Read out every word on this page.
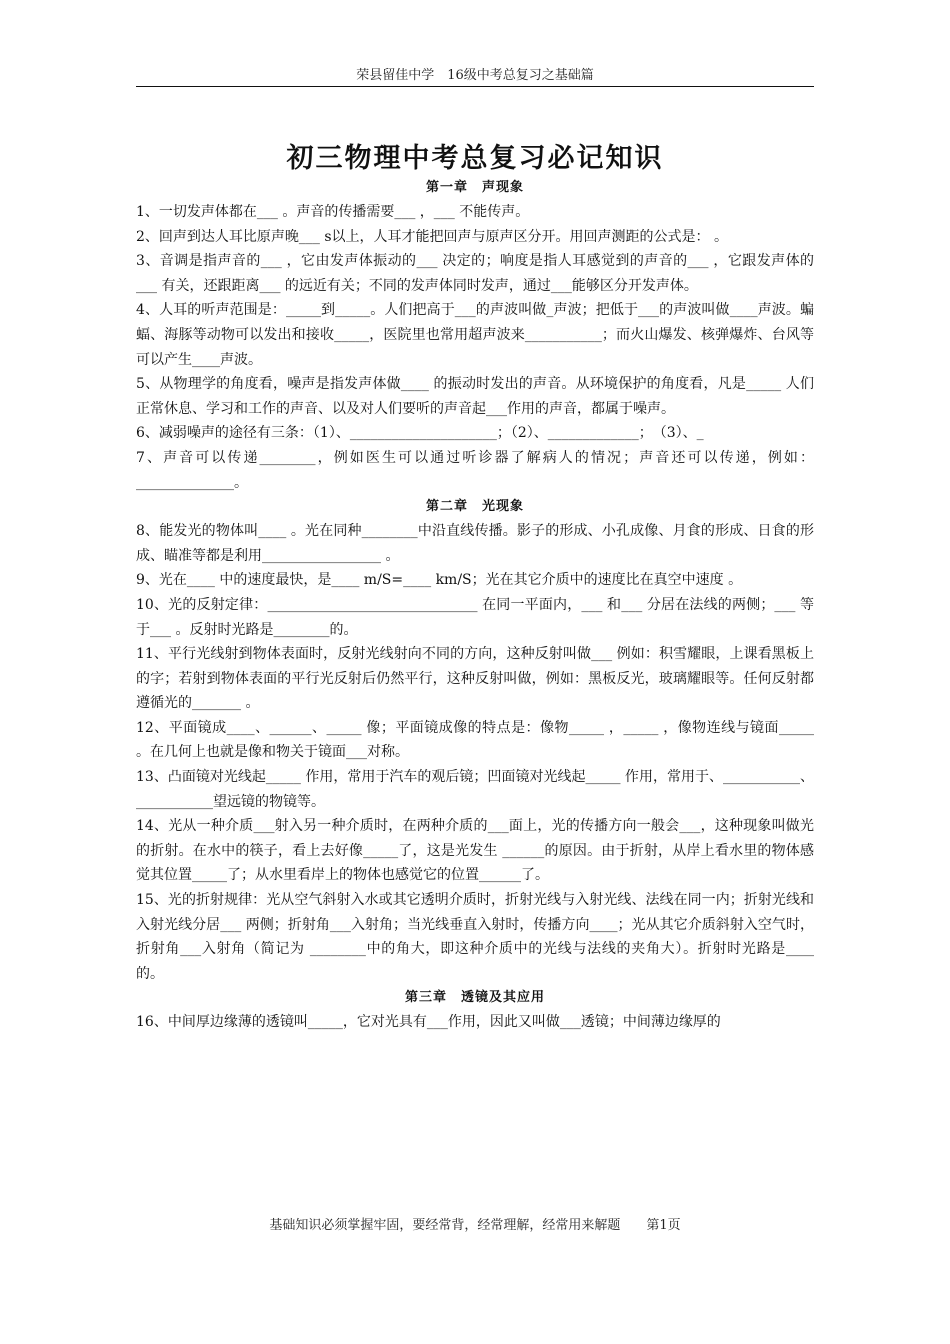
荣县留佳中学　16级中考总复习之基础篇
初三物理中考总复习必记知识
第一章　声现象

1、一切发声体都在___ 。声音的传播需要___ ，___ 不能传声。

2、回声到达人耳比原声晚___ s以上，人耳才能把回声与原声区分开。用回声测距的公式是： 。

3、音调是指声音的___ ，它由发声体振动的___ 决定的；响度是指人耳感觉到的声音的___ ，它跟发声体的___ 有关，还跟距离___ 的远近有关；不同的发声体同时发声，通过___能够区分开发声体。

4、人耳的听声范围是：_____到_____。人们把高于___的声波叫做_声波；把低于___的声波叫做____声波。蝙蝠、海豚等动物可以发出和接收_____，医院里也常用超声波来___________；而火山爆发、核弹爆炸、台风等可以产生____声波。

5、从物理学的角度看，噪声是指发声体做____ 的振动时发出的声音。从环境保护的角度看，凡是_____ 人们正常休息、学习和工作的声音、以及对人们要听的声音起___作用的声音，都属于噪声。

6、减弱噪声的途径有三条：（1）、_____________________；（2）、_____________；　（3）、_

7、声音可以传递________，例如医生可以通过听诊器了解病人的情况；声音还可以传递，例如：______________。

第二章　光现象

8、能发光的物体叫____ 。光在同种________中沿直线传播。影子的形成、小孔成像、月食的形成、日食的形成、瞄准等都是利用_________________ 。

9、光在____ 中的速度最快，是____ m/S=____ km/S；光在其它介质中的速度比在真空中速度 。

10、光的反射定律：______________________________ 在同一平面内，___ 和___ 分居在法线的两侧；___ 等于___ 。反射时光路是________的。

11、平行光线射到物体表面时，反射光线射向不同的方向，这种反射叫做___ 例如：积雪耀眼，上课看黑板上的字；若射到物体表面的平行光反射后仍然平行，这种反射叫做，例如：黑板反光，玻璃耀眼等。任何反射都遵循光的_______ 。

12、平面镜成____、______、_____ 像；平面镜成像的特点是：像物_____ ，_____ ，像物连线与镜面_____ 。在几何上也就是像和物关于镜面___对称。

13、凸面镜对光线起_____ 作用，常用于汽车的观后镜；凹面镜对光线起_____ 作用，常用于、___________、___________望远镜的物镜等。

14、光从一种介质___射入另一种介质时，在两种介质的___面上，光的传播方向一般会___，这种现象叫做光的折射。在水中的筷子，看上去好像_____了，这是光发生 ______的原因。由于折射，从岸上看水里的物体感觉其位置_____了；从水里看岸上的物体也感觉它的位置______了。

15、光的折射规律：光从空气斜射入水或其它透明介质时，折射光线与入射光线、法线在同一内；折射光线和入射光线分居___ 两侧；折射角___入射角；当光线垂直入射时，传播方向____；光从其它介质斜射入空气时，折射角___入射角（简记为 ________中的角大，即这种介质中的光线与法线的夹角大）。折射时光路是____ 的。

第三章　透镜及其应用

16、中间厚边缘薄的透镜叫_____，它对光具有___作用，因此又叫做___透镜；中间薄边缘厚的

基础知识必须掌握牢固，要经常背，经常理解，经常用来解题　　第1页
